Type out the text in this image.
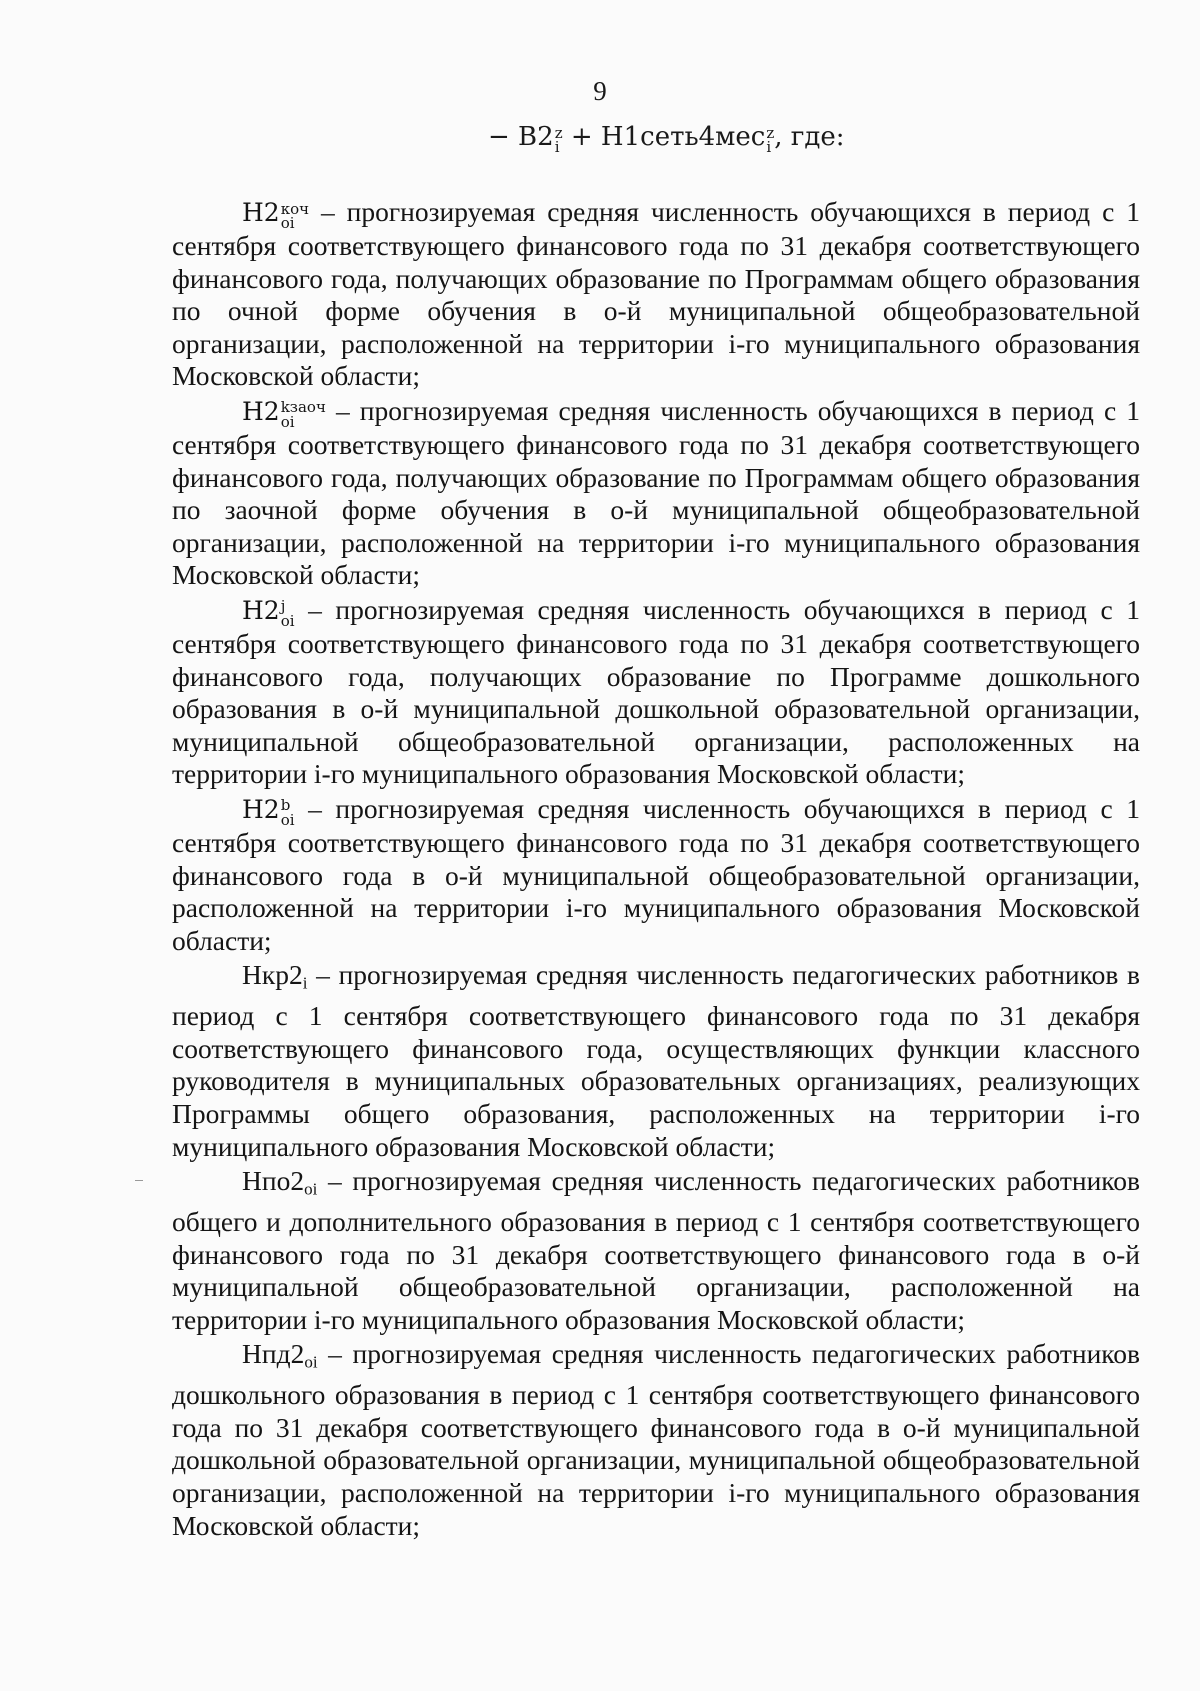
9
− B2 z
i + H1сеть4мес z
i , где:

H2 коч
oi – прогнозируемая средняя численность обучающихся в период с 1 сентября соответствующего финансового года по 31 декабря соответствующего финансового года, получающих образование по Программам общего образования по очной форме обучения в о-й муниципальной общеобразовательной организации, расположенной на территории i-го муниципального образования Московской области;

H2 kзаоч
oi	– прогнозируемая средняя численность обучающихся в период с 1 сентября соответствующего финансового года по 31 декабря соответствующего финансового года, получающих образование по Программам общего образования по заочной форме обучения в о-й муниципальной общеобразовательной организации, расположенной на территории i-го муниципального образования Московской области;

H2 j
oi – прогнозируемая средняя численность обучающихся в период с 1 сентября соответствующего финансового года по 31 декабря соответствующего финансового года, получающих образование по Программе дошкольного образования в о-й муниципальной дошкольной образовательной организации, муниципальной общеобразовательной организации, расположенных на территории i-го муниципального образования Московской области;

H2 b
oi – прогнозируемая средняя численность обучающихся в период с 1 сентября соответствующего финансового года по 31 декабря соответствующего финансового года в о-й муниципальной общеобразовательной организации, расположенной на территории i-го муниципального образования Московской области;

$Нкр2_i$ – прогнозируемая средняя численность педагогических работников в период с 1 сентября соответствующего финансового года по 31 декабря соответствующего финансового года, осуществляющих функции классного руководителя в муниципальных образовательных организациях, реализующих Программы общего образования, расположенных на территории i-го муниципального образования Московской области;

$Нпо2_{oi}$ – прогнозируемая средняя численность педагогических работников общего и дополнительного образования в период с 1 сентября соответствующего финансового года по 31 декабря соответствующего финансового года в о-й муниципальной общеобразовательной организации, расположенной на территории i-го муниципального образования Московской области;

$Нпд2_{oi}$ – прогнозируемая средняя численность педагогических работников дошкольного образования в период с 1 сентября соответствующего финансового года по 31 декабря соответствующего финансового года в о-й муниципальной дошкольной образовательной организации, муниципальной общеобразовательной организации, расположенной на территории i-го муниципального образования Московской области;
